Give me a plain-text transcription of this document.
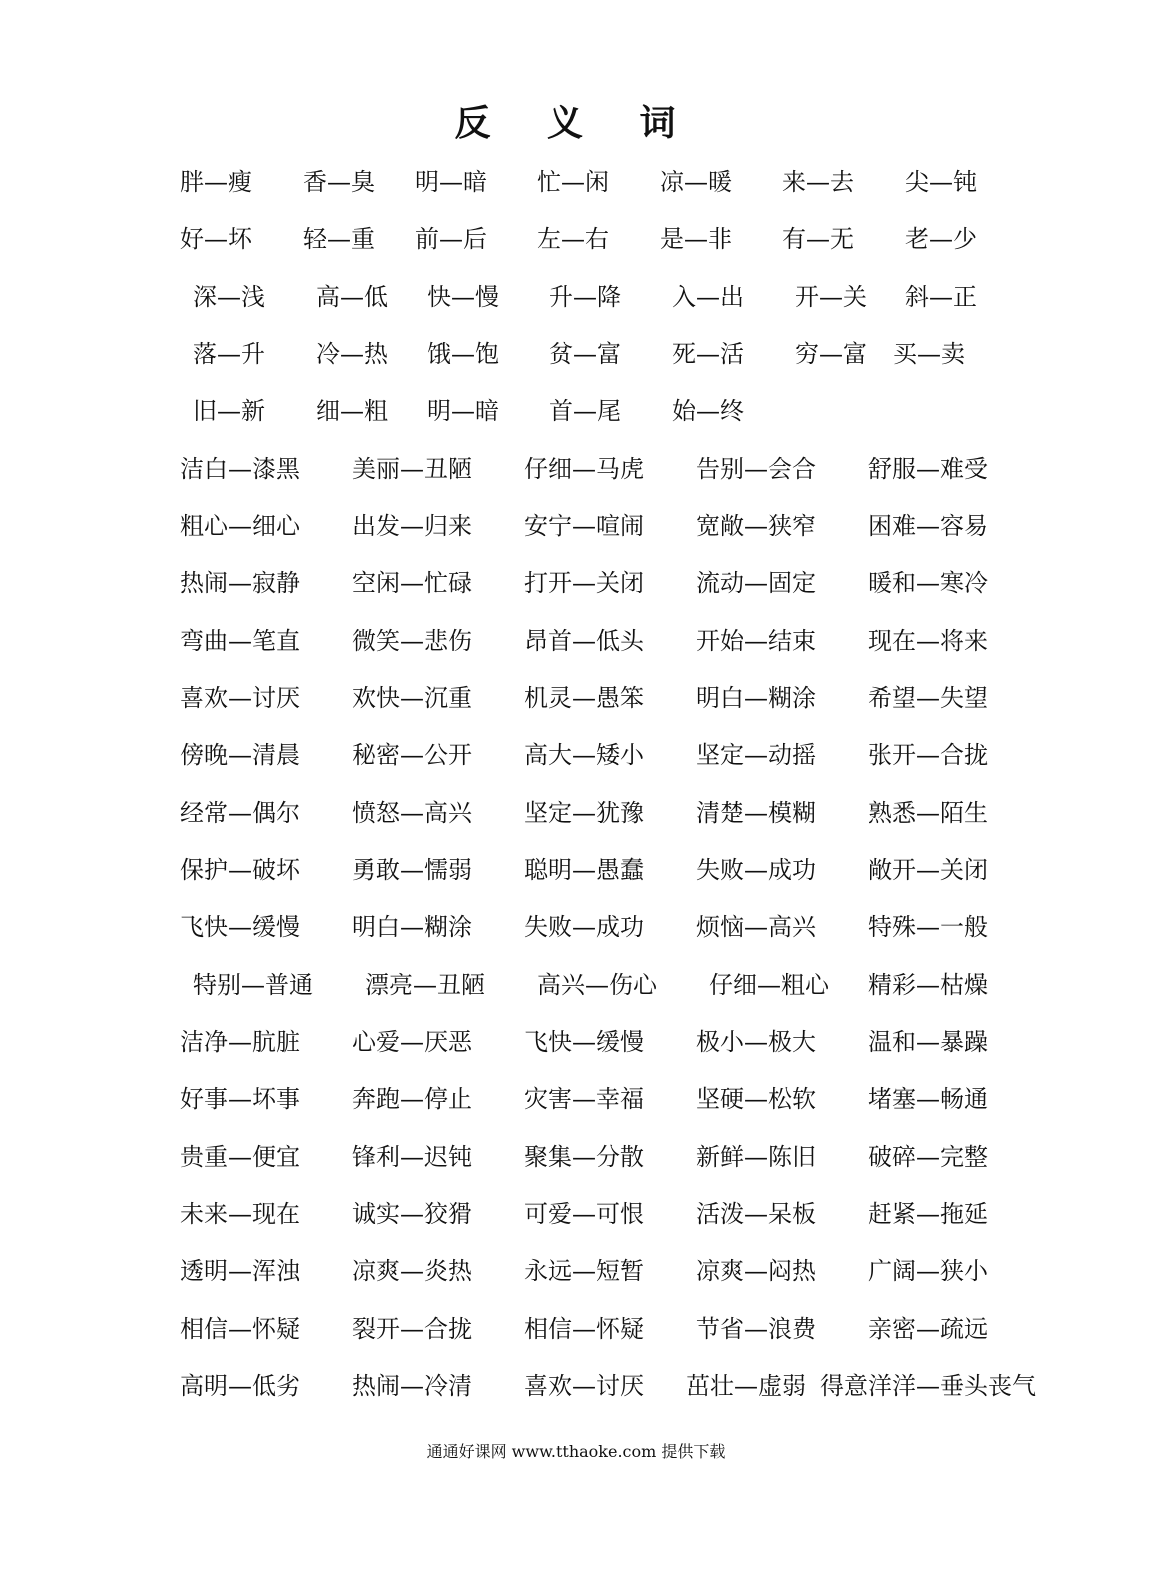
反 义 词
胖—瘦 香—臭 明—暗 忙—闲 凉—暖 来—去 尖—钝
好—坏 轻—重 前—后 左—右 是—非 有—无 老—少
深—浅 高—低 快—慢 升—降 入—出 开—关 斜—正
落—升 冷—热 饿—饱 贫—富 死—活 穷—富 买—卖
旧—新 细—粗 明—暗 首—尾 始—终
洁白—漆黑 美丽—丑陋 仔细—马虎 告别—会合 舒服—难受
粗心—细心 出发—归来 安宁—喧闹 宽敞—狭窄 困难—容易
热闹—寂静 空闲—忙碌 打开—关闭 流动—固定 暖和—寒冷
弯曲—笔直 微笑—悲伤 昂首—低头 开始—结束 现在—将来
喜欢—讨厌 欢快—沉重 机灵—愚笨 明白—糊涂 希望—失望
傍晚—清晨 秘密—公开 高大—矮小 坚定—动摇 张开—合拢
经常—偶尔 愤怒—高兴 坚定—犹豫 清楚—模糊 熟悉—陌生
保护—破坏 勇敢—懦弱 聪明—愚蠢 失败—成功 敞开—关闭
飞快—缓慢 明白—糊涂 失败—成功 烦恼—高兴 特殊—一般
特别—普通 漂亮—丑陋 高兴—伤心 仔细—粗心 精彩—枯燥
洁净—肮脏 心爱—厌恶 飞快—缓慢 极小—极大 温和—暴躁
好事—坏事 奔跑—停止 灾害—幸福 坚硬—松软 堵塞—畅通
贵重—便宜 锋利—迟钝 聚集—分散 新鲜—陈旧 破碎—完整
未来—现在 诚实—狡猾 可爱—可恨 活泼—呆板 赶紧—拖延
透明—浑浊 凉爽—炎热 永远—短暂 凉爽—闷热 广阔—狭小
相信—怀疑 裂开—合拢 相信—怀疑 节省—浪费 亲密—疏远
高明—低劣 热闹—冷清 喜欢—讨厌 茁壮—虚弱 得意洋洋—垂头丧气
通通好课网 www.tthaoke.com 提供下载
